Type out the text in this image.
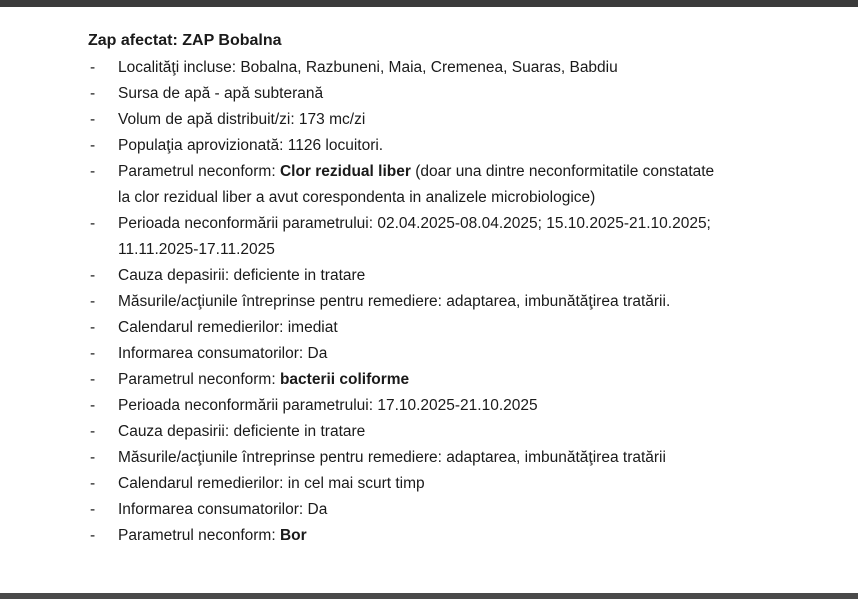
Zap afectat: ZAP Bobalna
- Localităţi incluse: Bobalna, Razbuneni, Maia, Cremenea, Suaras, Babdiu
- Sursa de apă - apă subterană
- Volum de apă distribuit/zi: 173 mc/zi
- Populaţia aprovizionată: 1126 locuitori.
- Parametrul neconform: Clor rezidual liber (doar una dintre neconformitatile constatate
la clor rezidual liber a avut corespondenta in analizele microbiologice)
- Perioada neconformării parametrului: 02.04.2025-08.04.2025; 15.10.2025-21.10.2025;
11.11.2025-17.11.2025
- Cauza depasirii: deficiente in tratare
- Măsurile/acţiunile întreprinse pentru remediere: adaptarea, imbunătăţirea tratării.
- Calendarul remedierilor: imediat
- Informarea consumatorilor: Da
- Parametrul neconform: bacterii coliforme
- Perioada neconformării parametrului: 17.10.2025-21.10.2025
- Cauza depasirii: deficiente in tratare
- Măsurile/acţiunile întreprinse pentru remediere: adaptarea, imbunătăţirea tratării
- Calendarul remedierilor: in cel mai scurt timp
- Informarea consumatorilor: Da
- Parametrul neconform: Bor
